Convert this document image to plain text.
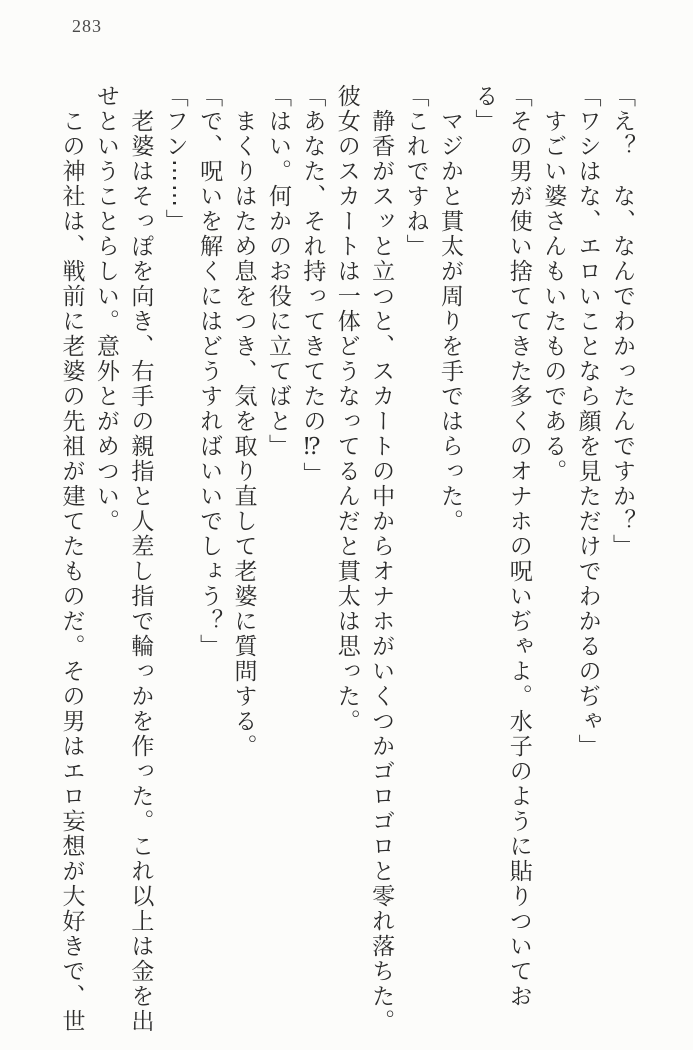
283
「え？　な、なんでわかったんですか？」
「ワシはな、エロいことなら顔を見ただけでわかるのぢゃ」
すごい婆さんもいたものである。
「その男が使い捨ててきた多くのオナホの呪いぢゃよ。水子のように貼りついてお
る」
マジかと貫太が周りを手ではらった。
「これですね」
静香がスッと立つと、スカートの中からオナホがいくつかゴロゴロと零れ落ちた。
彼女のスカートは一体どうなってるんだと貫太は思った。
「あなた、それ持ってきてたの⁉」
「はい。何かのお役に立てばと」
まくりはため息をつき、気を取り直して老婆に質問する。
「で、呪いを解くにはどうすればいいでしょう？」
「フン⋯⋯」
老婆はそっぽを向き、右手の親指と人差し指で輪っかを作った。これ以上は金を出
せということらしい。意外とがめつい。
この神社は、戦前に老婆の先祖が建てたものだ。その男はエロ妄想が大好きで、世
